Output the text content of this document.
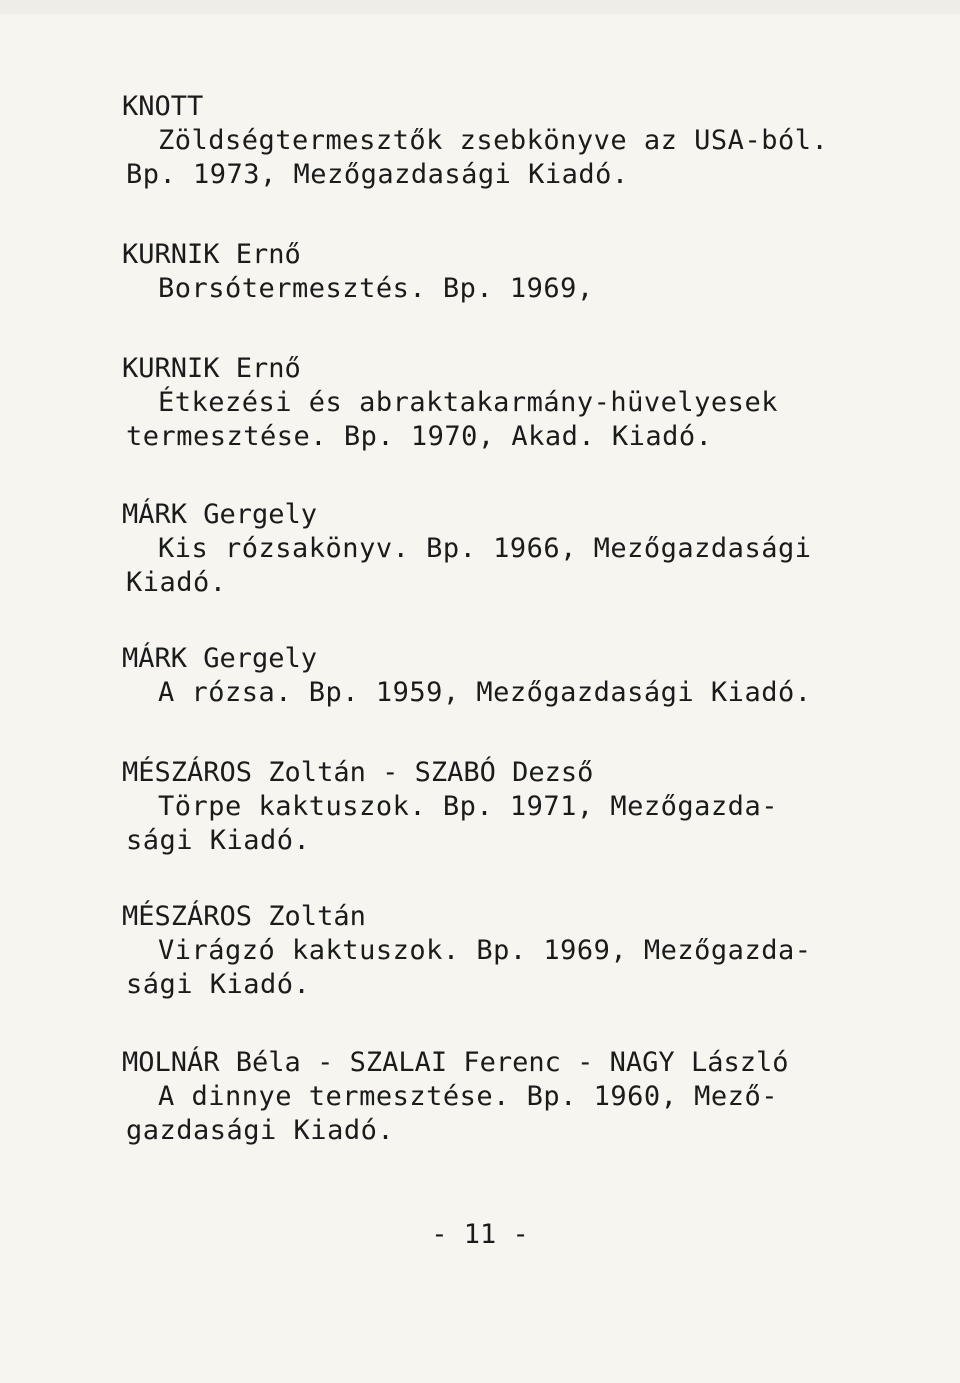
KNOTT
Zöldségtermesztők zsebkönyve az USA-ból.
Bp. 1973, Mezőgazdasági Kiadó.
KURNIK Ernő
Borsótermesztés. Bp. 1969,
KURNIK Ernő
Étkezési és abraktakarmány-hüvelyesek
termesztése. Bp. 1970, Akad. Kiadó.
MÁRK Gergely
Kis rózsakönyv. Bp. 1966, Mezőgazdasági
Kiadó.
MÁRK Gergely
A rózsa. Bp. 1959, Mezőgazdasági Kiadó.
MÉSZÁROS Zoltán - SZABÓ Dezső
Törpe kaktuszok. Bp. 1971, Mezőgazda-
sági Kiadó.
MÉSZÁROS Zoltán
Virágzó kaktuszok. Bp. 1969, Mezőgazda-
sági Kiadó.
MOLNÁR Béla - SZALAI Ferenc - NAGY László
A dinnye termesztése. Bp. 1960, Mező-
gazdasági Kiadó.
- 11 -
